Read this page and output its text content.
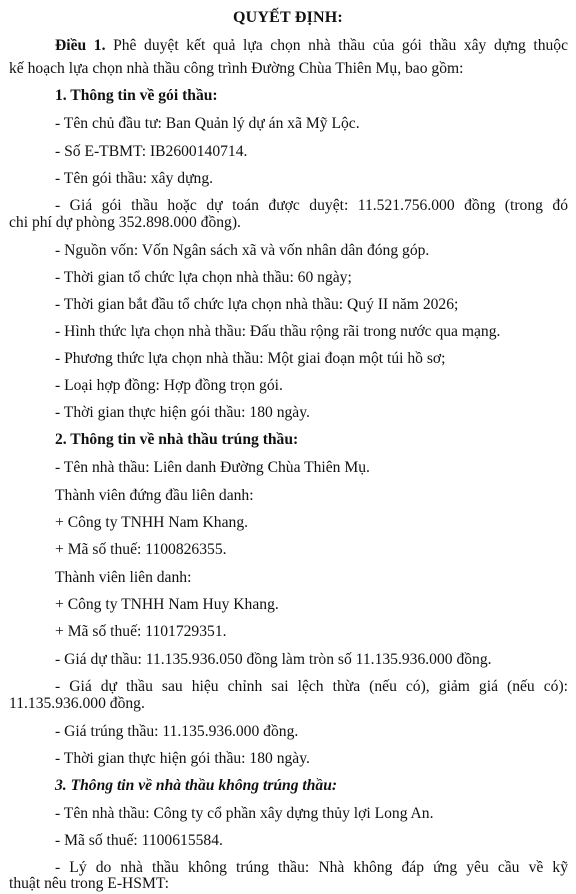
QUYẾT ĐỊNH:
Điều 1. Phê duyệt kết quả lựa chọn nhà thầu của gói thầu xây dựng thuộc
kế hoạch lựa chọn nhà thầu công trình Đường Chùa Thiên Mụ, bao gồm:
1. Thông tin về gói thầu:
- Tên chủ đầu tư: Ban Quản lý dự án xã Mỹ Lộc.
- Số E-TBMT: IB2600140714.
- Tên gói thầu: xây dựng.
- Giá gói thầu hoặc dự toán được duyệt: 11.521.756.000 đồng (trong đó
chi phí dự phòng 352.898.000 đồng).
- Nguồn vốn: Vốn Ngân sách xã và vốn nhân dân đóng góp.
- Thời gian tổ chức lựa chọn nhà thầu: 60 ngày;
- Thời gian bắt đầu tổ chức lựa chọn nhà thầu: Quý II năm 2026;
- Hình thức lựa chọn nhà thầu: Đấu thầu rộng rãi trong nước qua mạng.
- Phương thức lựa chọn nhà thầu: Một giai đoạn một túi hồ sơ;
- Loại hợp đồng: Hợp đồng trọn gói.
- Thời gian thực hiện gói thầu: 180 ngày.
2. Thông tin về nhà thầu trúng thầu:
- Tên nhà thầu: Liên danh Đường Chùa Thiên Mụ.
Thành viên đứng đầu liên danh:
+ Công ty TNHH Nam Khang.
+ Mã số thuế: 1100826355.
Thành viên liên danh:
+ Công ty TNHH Nam Huy Khang.
+ Mã số thuế: 1101729351.
- Giá dự thầu: 11.135.936.050 đồng làm tròn số 11.135.936.000 đồng.
- Giá dự thầu sau hiệu chỉnh sai lệch thừa (nếu có), giảm giá (nếu có):
11.135.936.000 đồng.
- Giá trúng thầu: 11.135.936.000 đồng.
- Thời gian thực hiện gói thầu: 180 ngày.
3. Thông tin về nhà thầu không trúng thầu:
- Tên nhà thầu: Công ty cổ phần xây dựng thủy lợi Long An.
- Mã số thuế: 1100615584.
- Lý do nhà thầu không trúng thầu: Nhà không đáp ứng yêu cầu về kỹ
thuật nêu trong E-HSMT:
